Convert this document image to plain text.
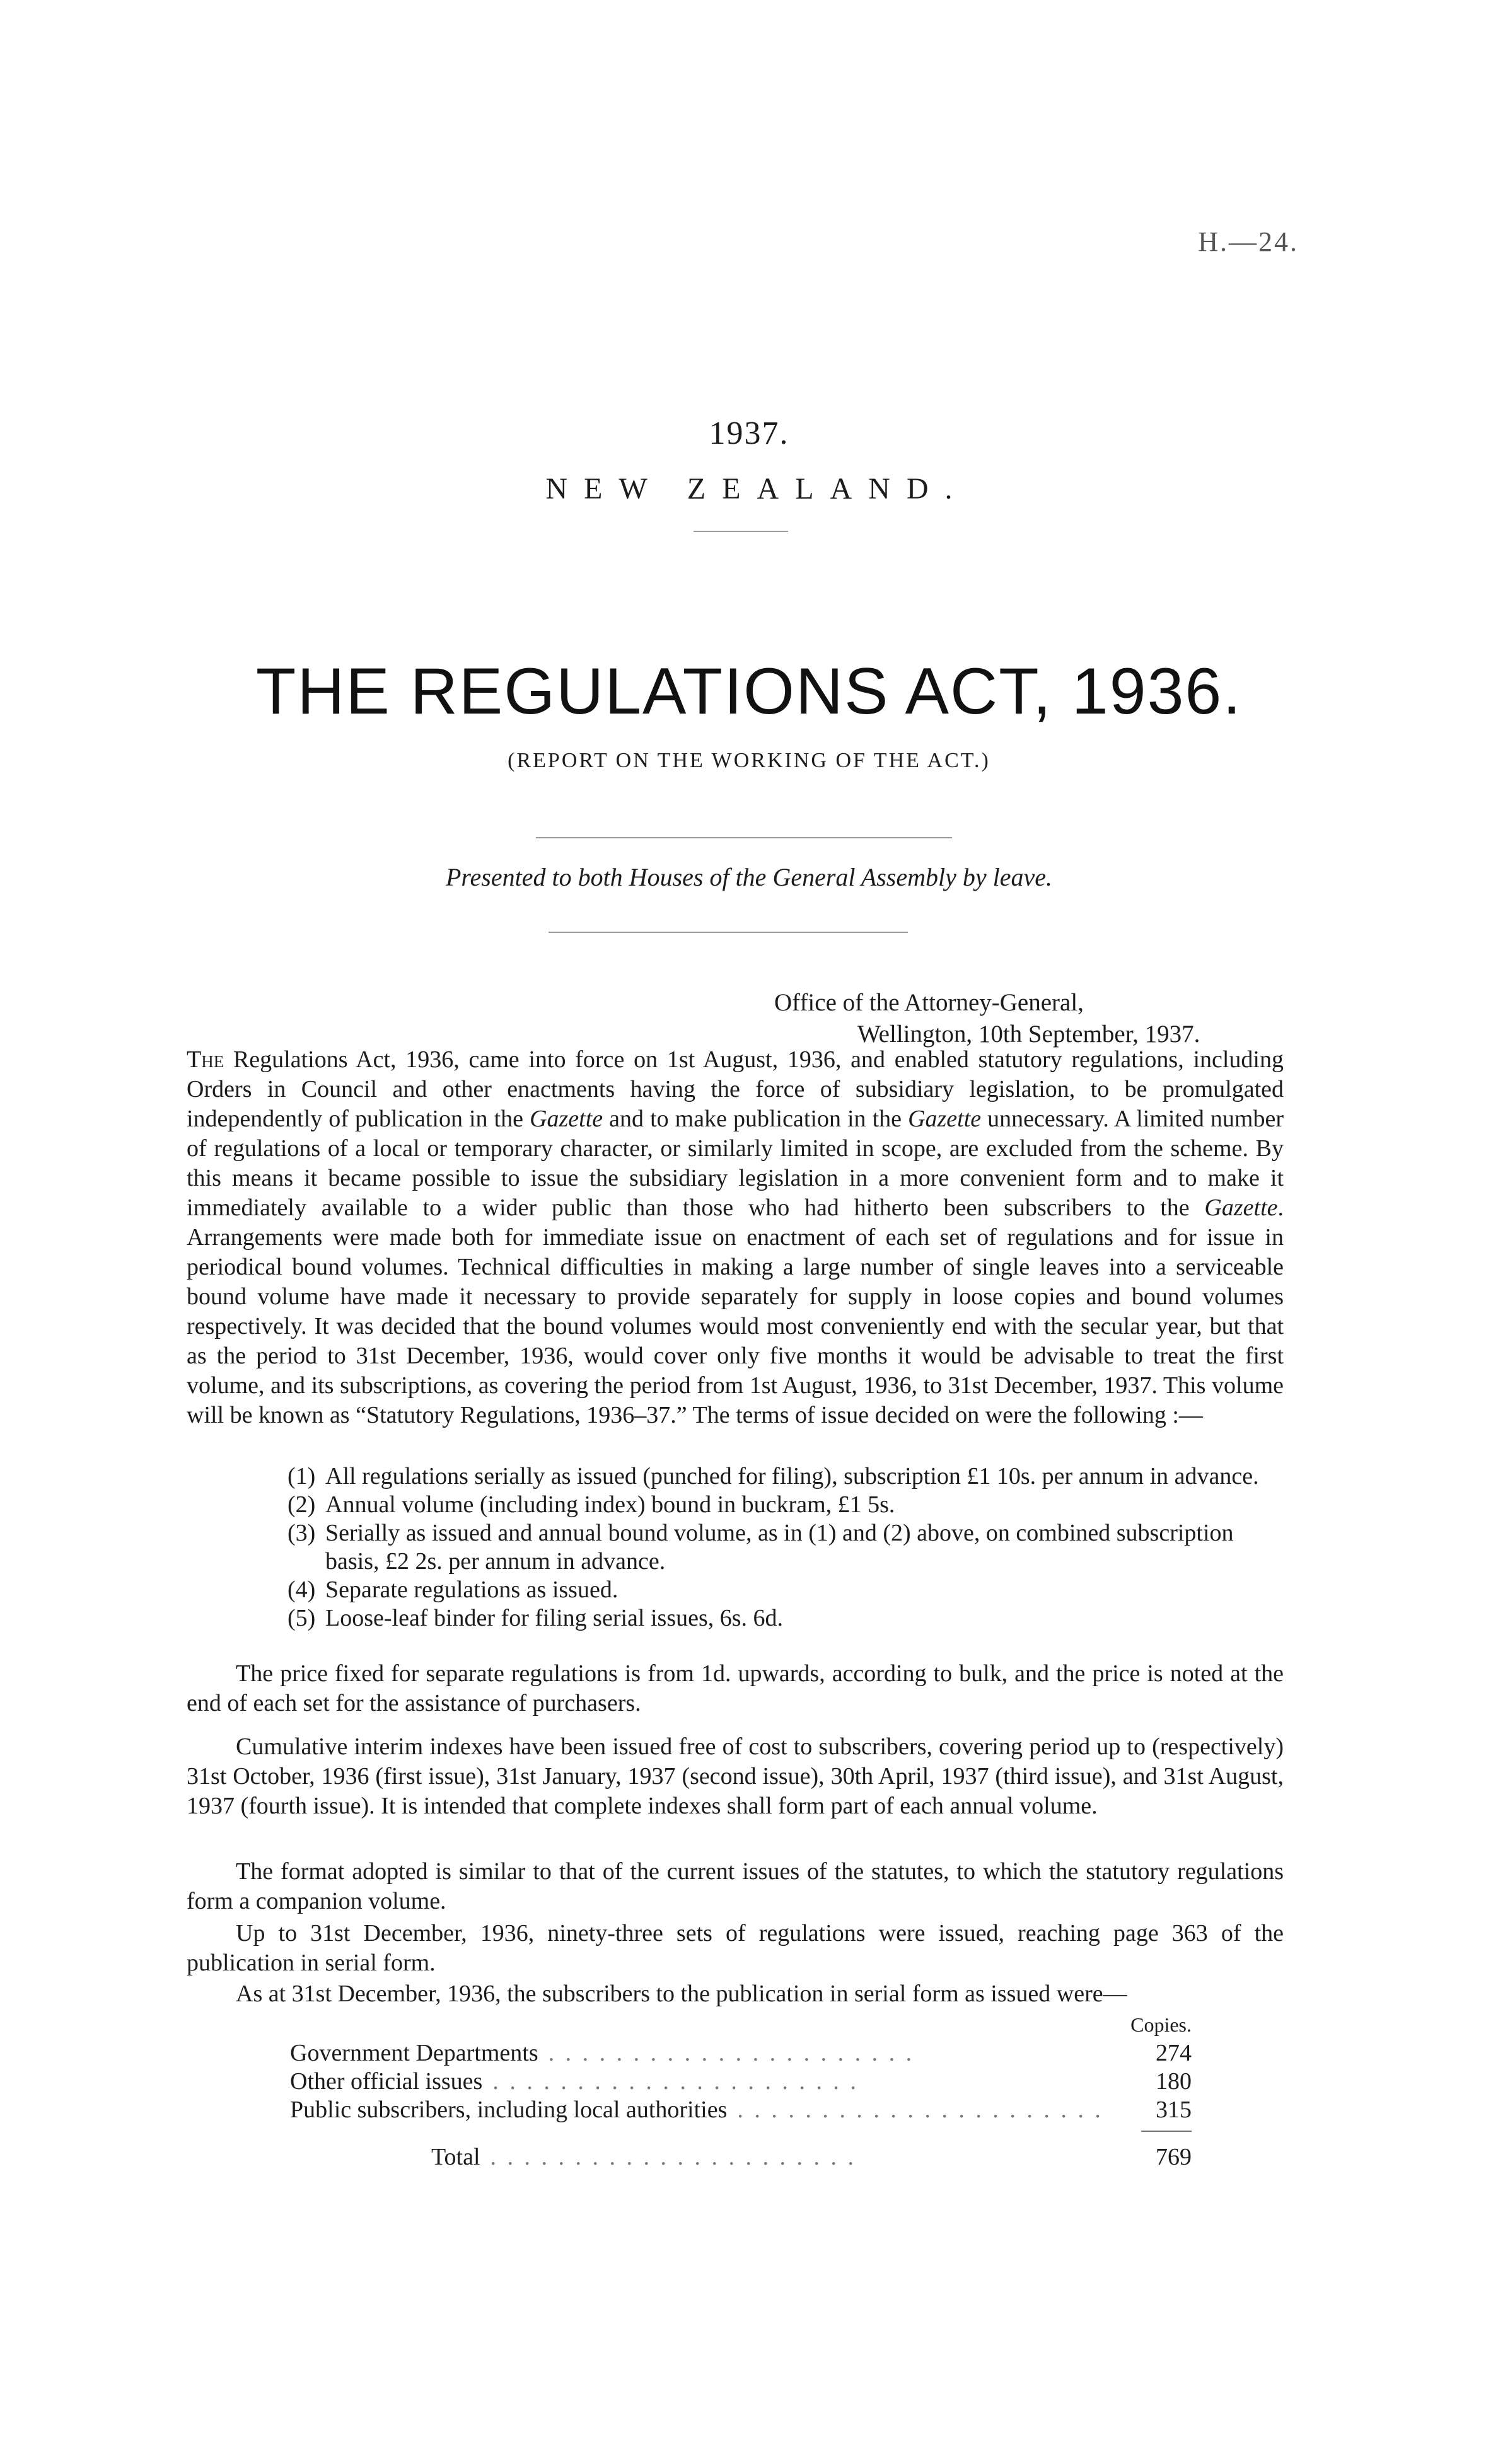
H.—24.
1937.
NEW ZEALAND.
THE REGULATIONS ACT, 1936.
(REPORT ON THE WORKING OF THE ACT.)
Presented to both Houses of the General Assembly by leave.
Office of the Attorney-General,
Wellington, 10th September, 1937.
The Regulations Act, 1936, came into force on 1st August, 1936, and enabled statutory regulations, including Orders in Council and other enactments having the force of subsidiary legislation, to be promulgated independently of publication in the Gazette and to make publication in the Gazette unnecessary. A limited number of regulations of a local or temporary character, or similarly limited in scope, are excluded from the scheme. By this means it became possible to issue the subsidiary legislation in a more convenient form and to make it immediately available to a wider public than those who had hitherto been subscribers to the Gazette. Arrangements were made both for immediate issue on enactment of each set of regulations and for issue in periodical bound volumes. Technical difficulties in making a large number of single leaves into a serviceable bound volume have made it necessary to provide separately for supply in loose copies and bound volumes respectively. It was decided that the bound volumes would most conveniently end with the secular year, but that as the period to 31st December, 1936, would cover only five months it would be advisable to treat the first volume, and its subscriptions, as covering the period from 1st August, 1936, to 31st December, 1937. This volume will be known as “Statutory Regulations, 1936–37.” The terms of issue decided on were the following :—
(1) All regulations serially as issued (punched for filing), subscription £1 10s. per annum in advance.
(2) Annual volume (including index) bound in buckram, £1 5s.
(3) Serially as issued and annual bound volume, as in (1) and (2) above, on combined subscription basis, £2 2s. per annum in advance.
(4) Separate regulations as issued.
(5) Loose-leaf binder for filing serial issues, 6s. 6d.
The price fixed for separate regulations is from 1d. upwards, according to bulk, and the price is noted at the end of each set for the assistance of purchasers.
Cumulative interim indexes have been issued free of cost to subscribers, covering period up to (respectively) 31st October, 1936 (first issue), 31st January, 1937 (second issue), 30th April, 1937 (third issue), and 31st August, 1937 (fourth issue). It is intended that complete indexes shall form part of each annual volume.
The format adopted is similar to that of the current issues of the statutes, to which the statutory regulations form a companion volume.
Up to 31st December, 1936, ninety-three sets of regulations were issued, reaching page 363 of the publication in serial form.
As at 31st December, 1936, the subscribers to the publication in serial form as issued were—
Copies.
Government Departments . . . . . . . . . . . . . . . . . . . . . .	274
Other official issues . . . . . . . . . . . . . . . . . . . . . .	180
Public subscribers, including local authorities . . . . . . . . . . . . . . . . . . . . . .	315
Total . . . . . . . . . . . . . . . . . . . . . .	769
